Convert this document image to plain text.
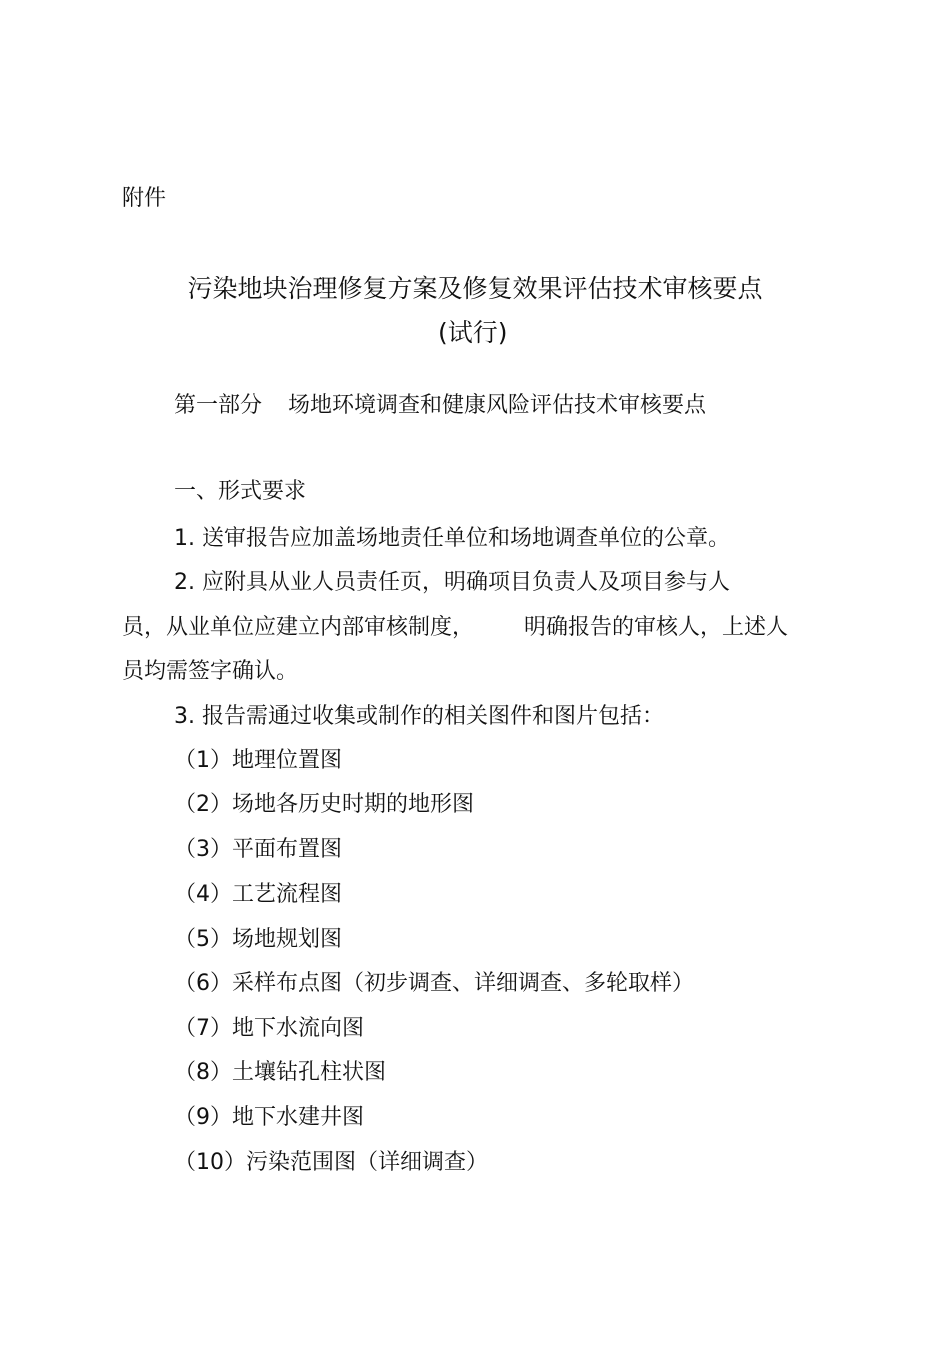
附件
污染地块治理修复方案及修复效果评估技术审核要点
(试行)
第一部分 场地环境调查和健康风险评估技术审核要点
一、形式要求
1. 送审报告应加盖场地责任单位和场地调查单位的公章。
2. 应附具从业人员责任页，明确项目负责人及项目参与人
员，从业单位应建立内部审核制度， 明确报告的审核人，上述人
员均需签字确认。
3. 报告需通过收集或制作的相关图件和图片包括：
（1）地理位置图
（2）场地各历史时期的地形图
（3）平面布置图
（4）工艺流程图
（5）场地规划图
（6）采样布点图（初步调查、详细调查、多轮取样）
（7）地下水流向图
（8）土壤钻孔柱状图
（9）地下水建井图
（10）污染范围图（详细调查）
